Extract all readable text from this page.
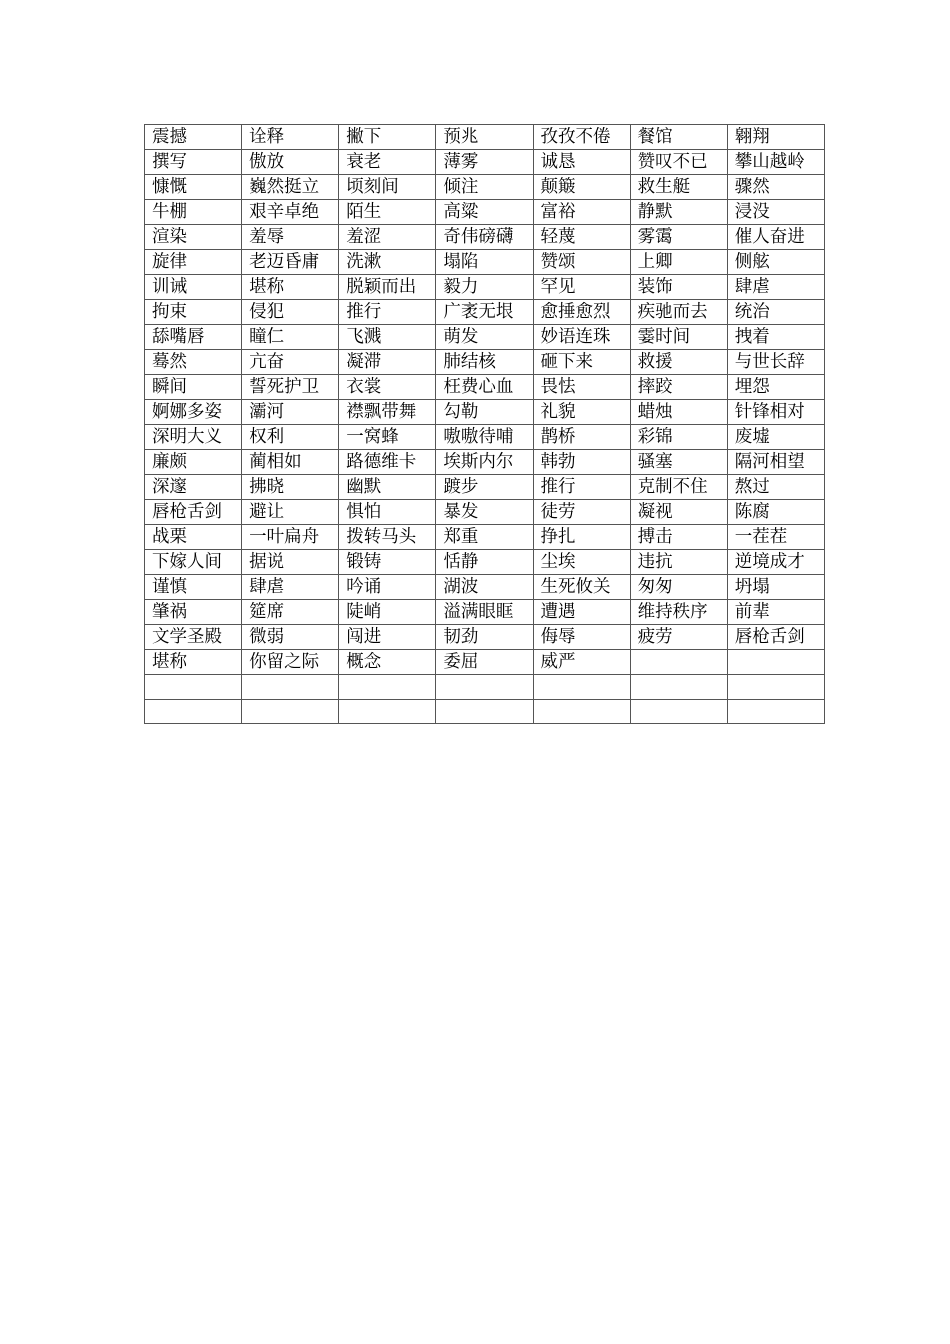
震撼	诠释	撇下	预兆	孜孜不倦	餐馆	翱翔
撰写	傲放	衰老	薄雾	诚恳	赞叹不已	攀山越岭
慷慨	巍然挺立	顷刻间	倾注	颠簸	救生艇	骤然
牛棚	艰辛卓绝	陌生	高粱	富裕	静默	浸没
渲染	羞辱	羞涩	奇伟磅礴	轻蔑	雾霭	催人奋进
旋律	老迈昏庸	洗漱	塌陷	赞颂	上卿	侧舷
训诫	堪称	脱颖而出	毅力	罕见	装饰	肆虐
拘束	侵犯	推行	广袤无垠	愈捶愈烈	疾驰而去	统治
舔嘴唇	瞳仁	飞溅	萌发	妙语连珠	霎时间	拽着
蓦然	亢奋	凝滞	肺结核	砸下来	救援	与世长辞
瞬间	誓死护卫	衣裳	枉费心血	畏怯	摔跤	埋怨
婀娜多姿	灞河	襟飘带舞	勾勒	礼貌	蜡烛	针锋相对
深明大义	权利	一窝蜂	嗷嗷待哺	鹊桥	彩锦	废墟
廉颇	蔺相如	路德维卡	埃斯内尔	韩勃	骚塞	隔河相望
深邃	拂晓	幽默	踱步	推行	克制不住	熬过
唇枪舌剑	避让	惧怕	暴发	徒劳	凝视	陈腐
战栗	一叶扁舟	拨转马头	郑重	挣扎	搏击	一茬茬
下嫁人间	据说	锻铸	恬静	尘埃	违抗	逆境成才
谨慎	肆虐	吟诵	湖波	生死攸关	匆匆	坍塌
肇祸	筵席	陡峭	溢满眼眶	遭遇	维持秩序	前辈
文学圣殿	微弱	闯进	韧劲	侮辱	疲劳	唇枪舌剑
堪称	你留之际	概念	委屈	威严		
